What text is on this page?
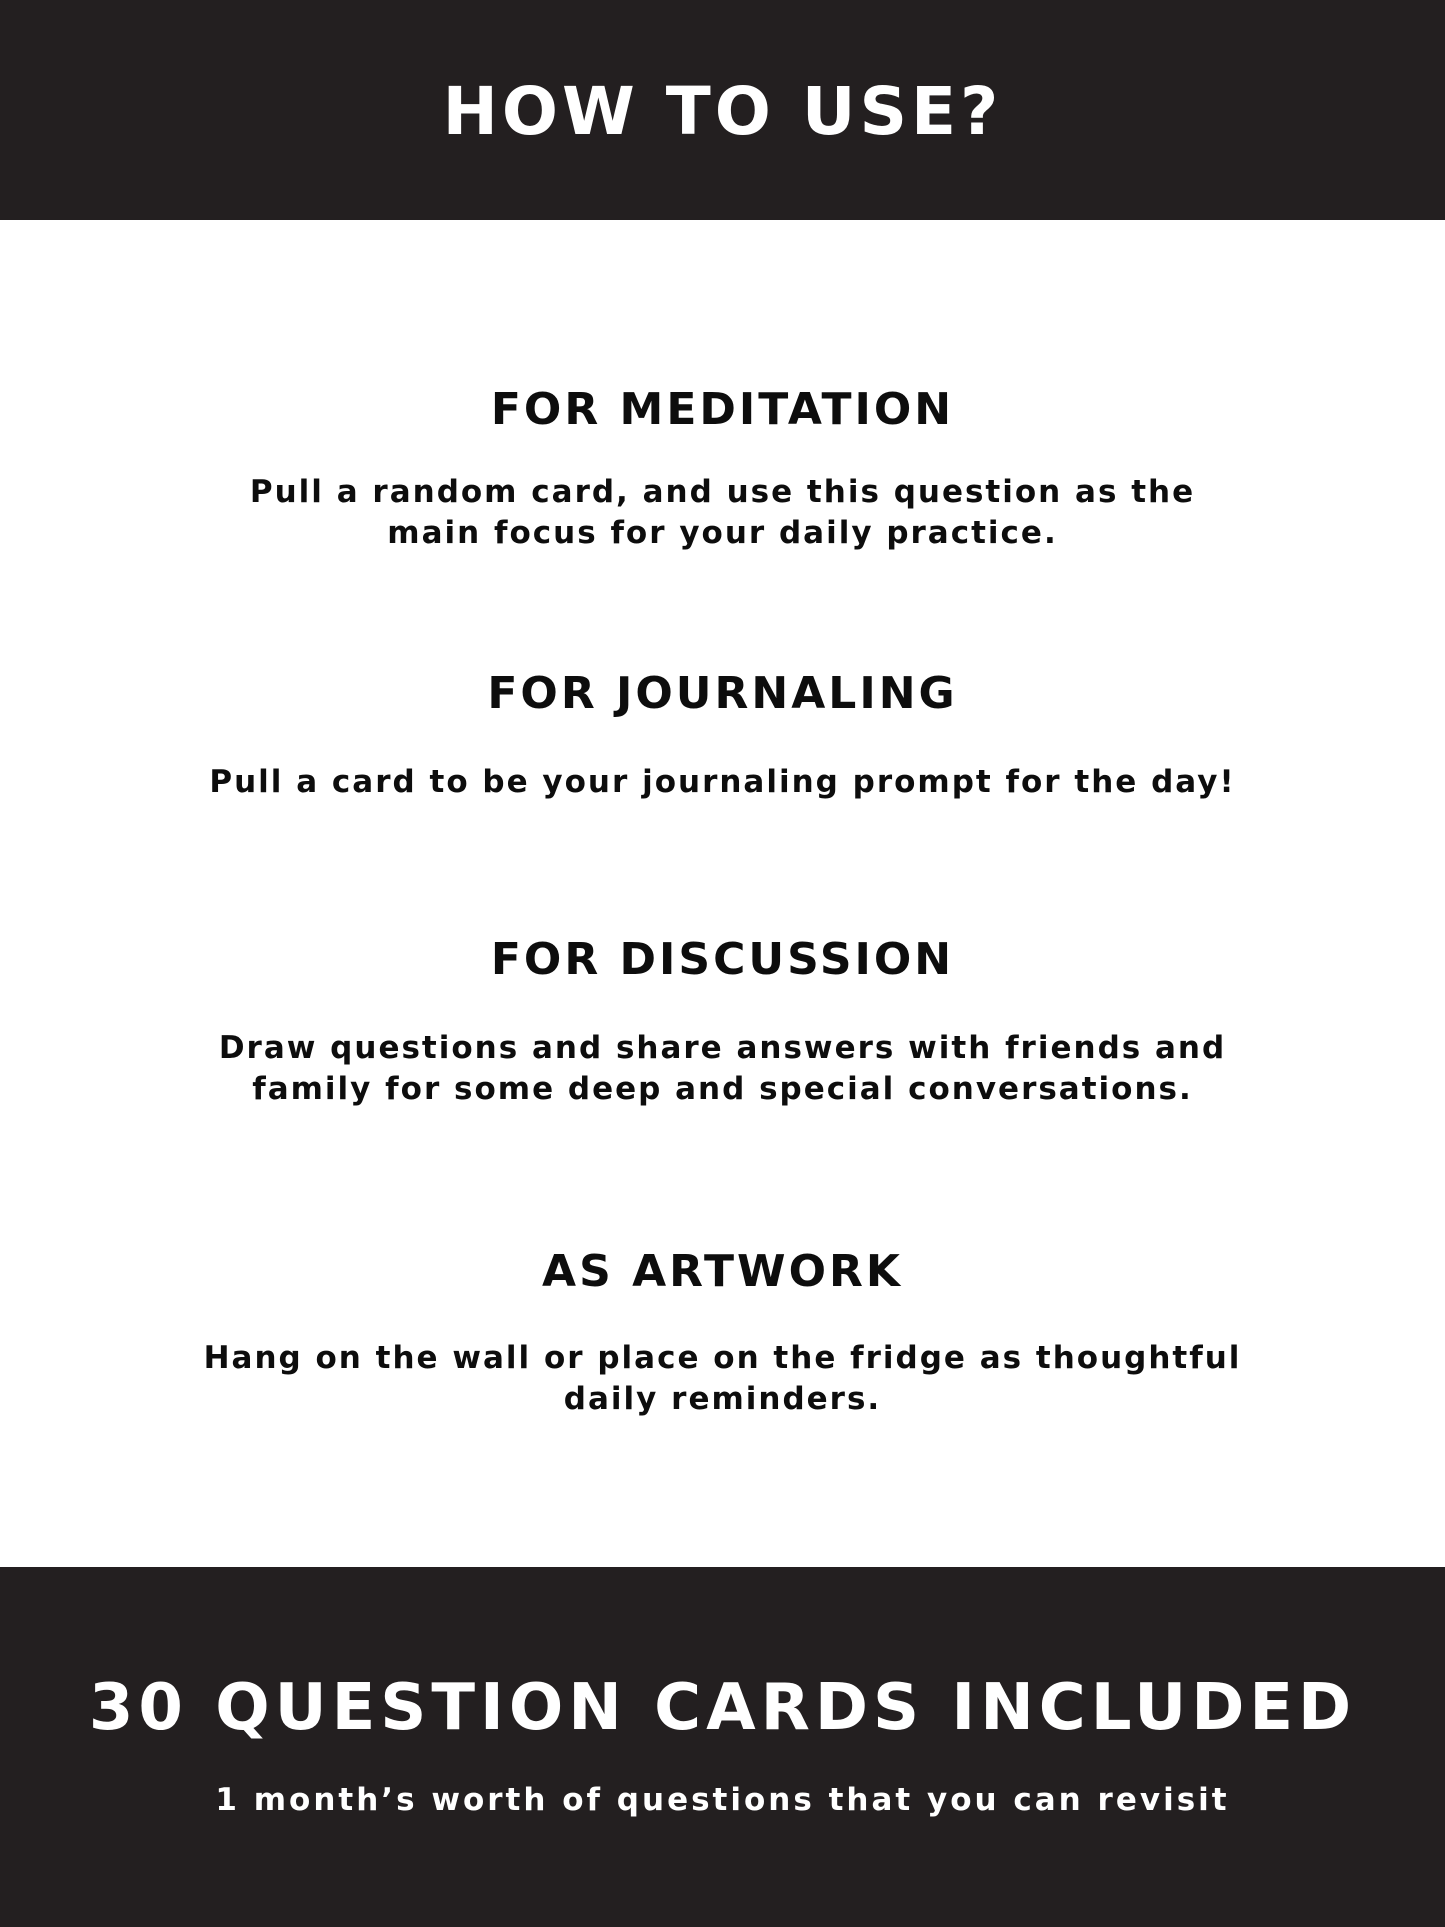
HOW TO USE?

FOR MEDITATION

Pull a random card, and use this question as the main focus for your daily practice.

FOR JOURNALING

Pull a card to be your journaling prompt for the day!

FOR DISCUSSION

Draw questions and share answers with friends and family for some deep and special conversations.

AS ARTWORK

Hang on the wall or place on the fridge as thoughtful daily reminders.

30 QUESTION CARDS INCLUDED
1 month’s worth of questions that you can revisit
